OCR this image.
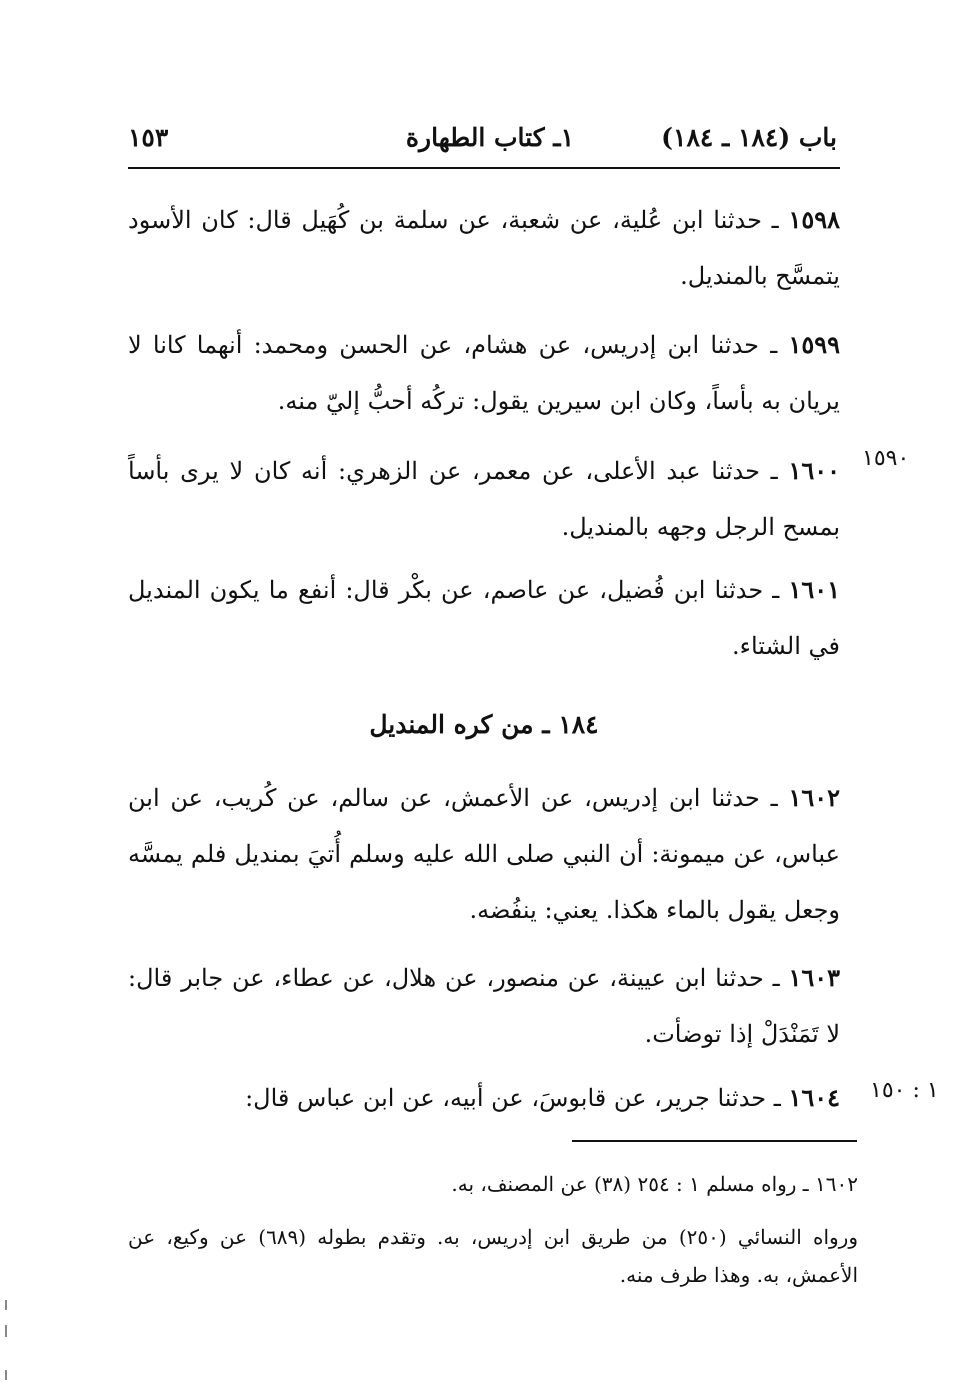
باب (١٨٤ ـ ١٨٤)
١ـ كتاب الطهارة
١٥٣
١٥٩٨ ـ حدثنا ابن عُلية، عن شعبة، عن سلمة بن كُهَيل قال: كان الأسود يتمسَّح بالمنديل.
١٥٩٩ ـ حدثنا ابن إدريس، عن هشام، عن الحسن ومحمد: أنهما كانا لا يريان به بأساً، وكان ابن سيرين يقول: تركُه أحبُّ إليّ منه.
١٥٩٠
١٦٠٠ ـ حدثنا عبد الأعلى، عن معمر، عن الزهري: أنه كان لا يرى بأساً بمسح الرجل وجهه بالمنديل.
١٦٠١ ـ حدثنا ابن فُضيل، عن عاصم، عن بكْر قال: أنفع ما يكون المنديل في الشتاء.
١٨٤ ـ من كره المنديل
١٦٠٢ ـ حدثنا ابن إدريس، عن الأعمش، عن سالم، عن كُريب، عن ابن عباس، عن ميمونة: أن النبي صلى الله عليه وسلم أُتيَ بمنديل فلم يمسَّه وجعل يقول بالماء هكذا. يعني: ينفُضه.
١٦٠٣ ـ حدثنا ابن عيينة، عن منصور، عن هلال، عن عطاء، عن جابر قال: لا تَمَنْدَلْ إذا توضأت.
١ : ١٥٠
١٦٠٤ ـ حدثنا جرير، عن قابوسَ، عن أبيه، عن ابن عباس قال:
١٦٠٢ ـ رواه مسلم ١ : ٢٥٤ (٣٨) عن المصنف، به.
ورواه النسائي (٢٥٠) من طريق ابن إدريس، به. وتقدم بطوله (٦٨٩) عن وكيع، عن الأعمش، به. وهذا طرف منه.
